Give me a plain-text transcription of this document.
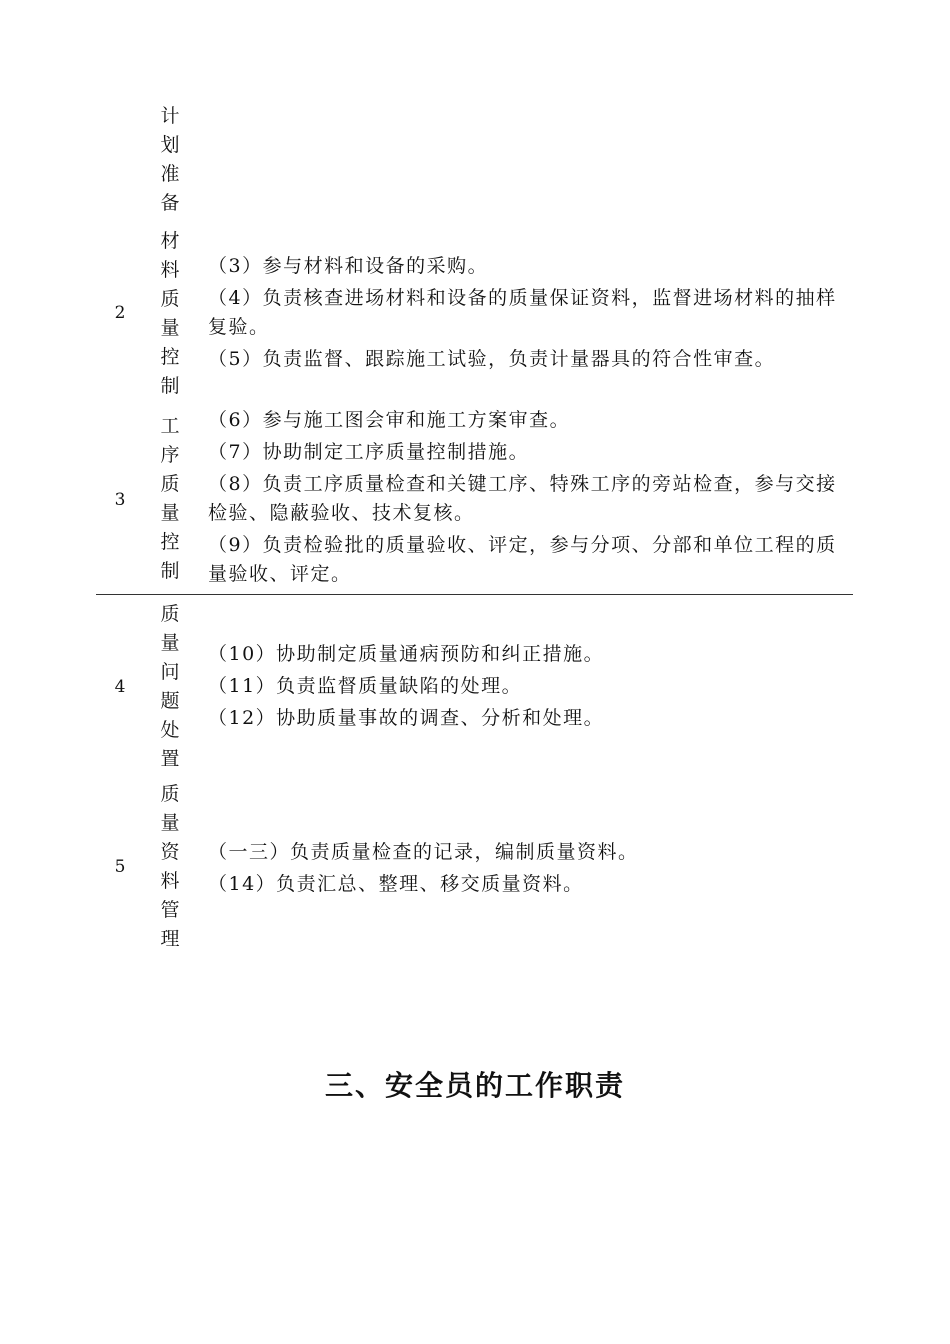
计
划
准
备
2
材
料
质
量
控
制
（3）参与材料和设备的采购。
（4）负责核查进场材料和设备的质量保证资料，监督进场材料的抽样复验。
（5）负责监督、跟踪施工试验，负责计量器具的符合性审查。
3
工
序
质
量
控
制
（6）参与施工图会审和施工方案审查。
（7）协助制定工序质量控制措施。
（8）负责工序质量检查和关键工序、特殊工序的旁站检查，参与交接检验、隐蔽验收、技术复核。
（9）负责检验批的质量验收、评定，参与分项、分部和单位工程的质量验收、评定。
4
质
量
问
题
处
置
（10）协助制定质量通病预防和纠正措施。
（11）负责监督质量缺陷的处理。
（12）协助质量事故的调查、分析和处理。
5
质
量
资
料
管
理
（一三）负责质量检查的记录，编制质量资料。
（14）负责汇总、整理、移交质量资料。
三、安全员的工作职责
